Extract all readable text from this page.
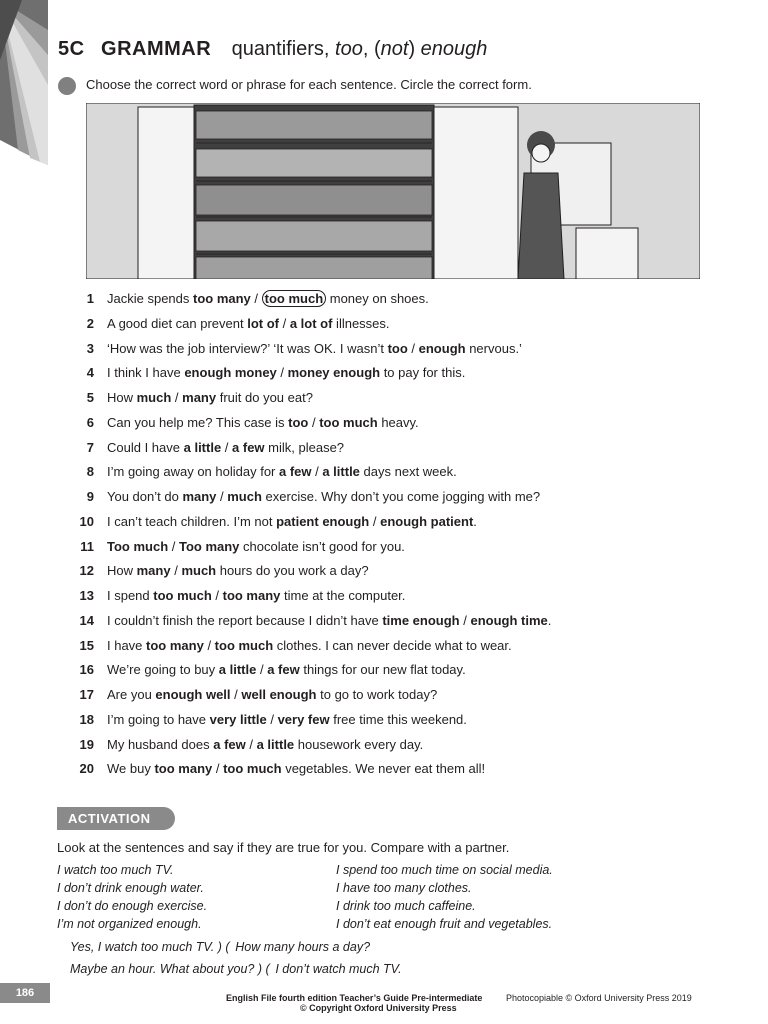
5C GRAMMAR quantifiers, too, (not) enough
Choose the correct word or phrase for each sentence. Circle the correct form.
1 Jackie spends too many / too much money on shoes.
2 A good diet can prevent lot of / a lot of illnesses.
3 ‘How was the job interview?’ ‘It was OK. I wasn’t too / enough nervous.’
4 I think I have enough money / money enough to pay for this.
5 How much / many fruit do you eat?
6 Can you help me? This case is too / too much heavy.
7 Could I have a little / a few milk, please?
8 I’m going away on holiday for a few / a little days next week.
9 You don’t do many / much exercise. Why don’t you come jogging with me?
10 I can’t teach children. I’m not patient enough / enough patient.
11 Too much / Too many chocolate isn’t good for you.
12 How many / much hours do you work a day?
13 I spend too much / too many time at the computer.
14 I couldn’t finish the report because I didn’t have time enough / enough time.
15 I have too many / too much clothes. I can never decide what to wear.
16 We’re going to buy a little / a few things for our new flat today.
17 Are you enough well / well enough to go to work today?
18 I’m going to have very little / very few free time this weekend.
19 My husband does a few / a little housework every day.
20 We buy too many / too much vegetables. We never eat them all!
ACTIVATION
Look at the sentences and say if they are true for you. Compare with a partner.
I watch too much TV.
I don’t drink enough water.
I don’t do enough exercise.
I’m not organized enough.
I spend too much time on social media.
I have too many clothes.
I drink too much caffeine.
I don’t eat enough fruit and vegetables.
Yes, I watch too much TV. ) ( How many hours a day?
Maybe an hour. What about you? ) ( I don’t watch much TV.
186	English File fourth edition Teacher’s Guide Pre-intermediate	Photocopiable © Oxford University Press 2019
© Copyright Oxford University Press
